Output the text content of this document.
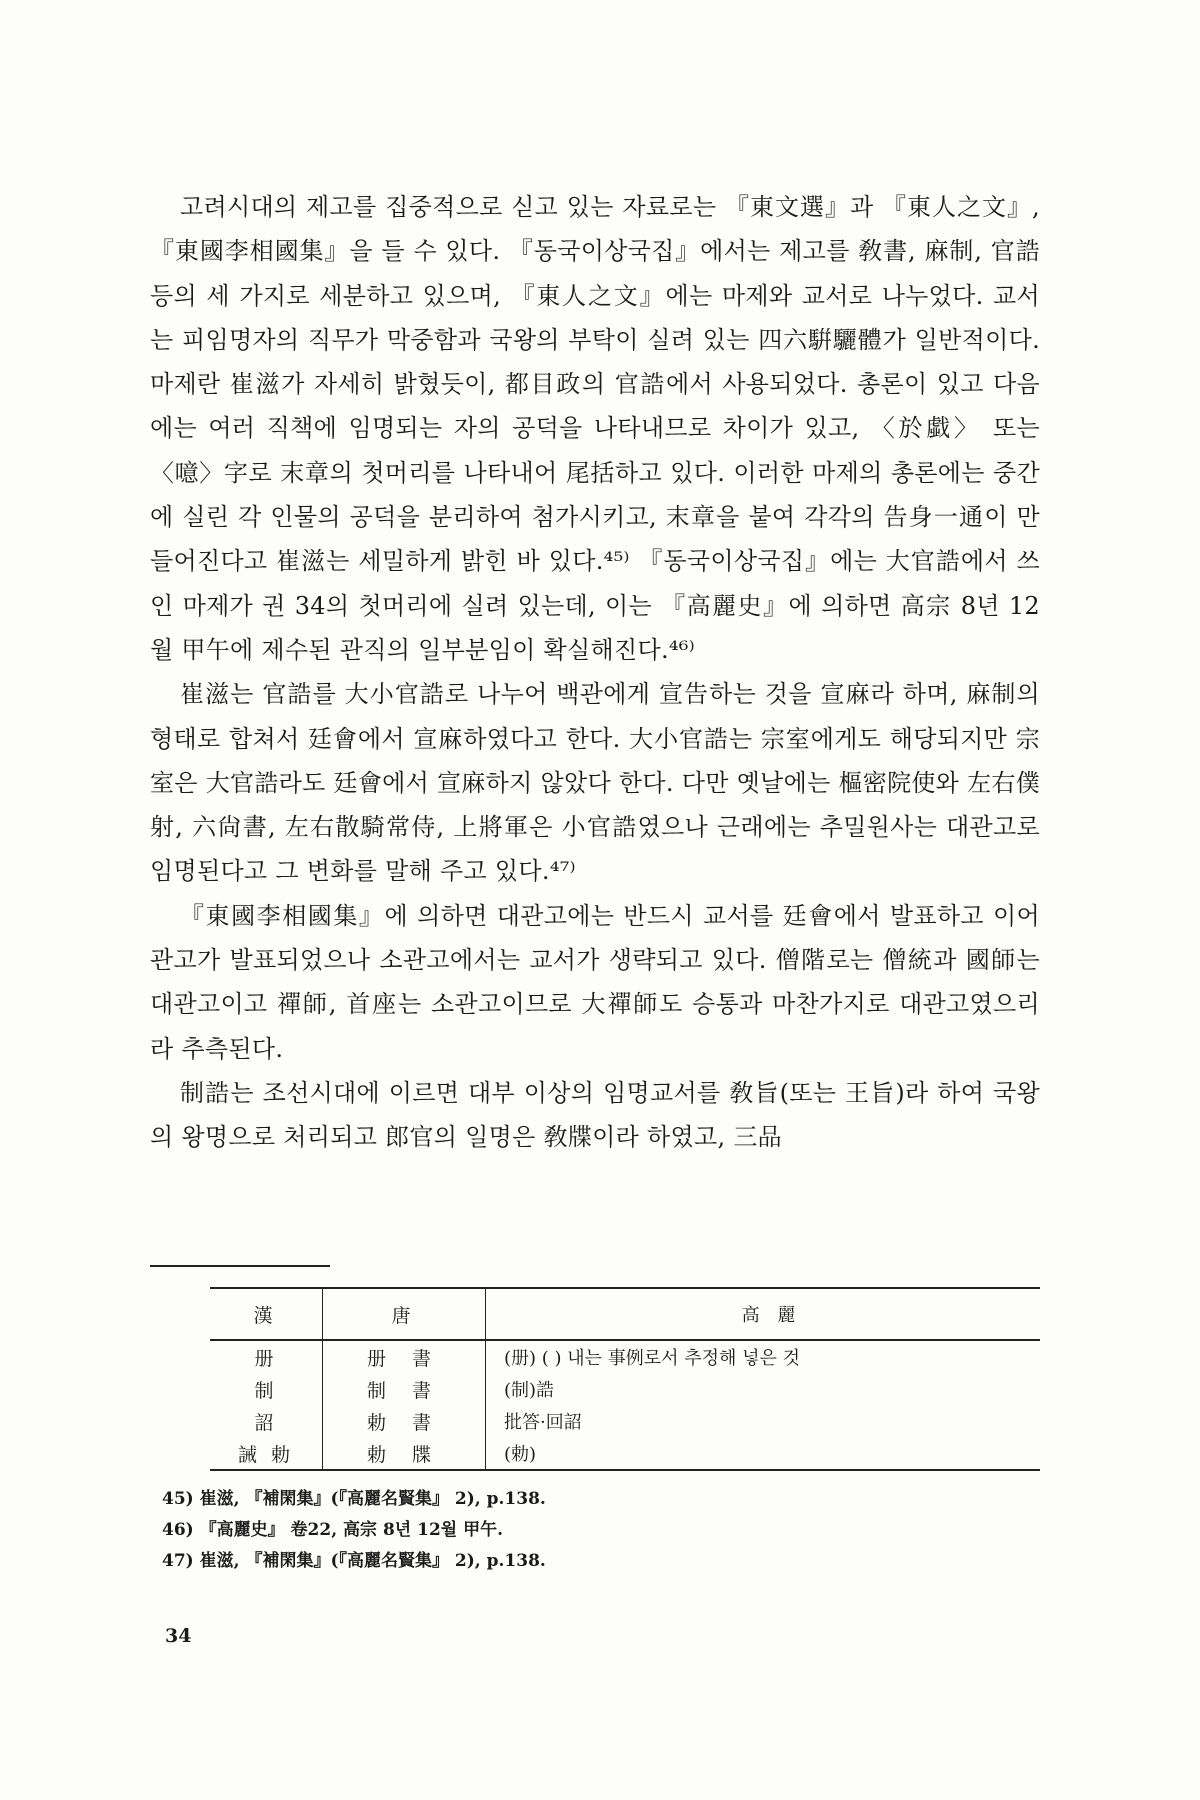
고려시대의 제고를 집중적으로 싣고 있는 자료로는 『東文選』과 『東人之文』, 『東國李相國集』을 들 수 있다. 『동국이상국집』에서는 제고를 敎書, 麻制, 官誥 등의 세 가지로 세분하고 있으며, 『東人之文』에는 마제와 교서로 나누었다. 교서는 피임명자의 직무가 막중함과 국왕의 부탁이 실려 있는 四六騈驪體가 일반적이다. 마제란 崔滋가 자세히 밝혔듯이, 都目政의 官誥에서 사용되었다. 총론이 있고 다음에는 여러 직책에 임명되는 자의 공덕을 나타내므로 차이가 있고, 〈於戱〉 또는 〈噫〉字로 末章의 첫머리를 나타내어 尾括하고 있다. 이러한 마제의 총론에는 중간에 실린 각 인물의 공덕을 분리하여 첨가시키고, 末章을 붙여 각각의 告身一通이 만들어진다고 崔滋는 세밀하게 밝힌 바 있다.⁴⁵⁾ 『동국이상국집』에는 大官誥에서 쓰인 마제가 권 34의 첫머리에 실려 있는데, 이는 『高麗史』에 의하면 高宗 8년 12월 甲午에 제수된 관직의 일부분임이 확실해진다.⁴⁶⁾

崔滋는 官誥를 大小官誥로 나누어 백관에게 宣告하는 것을 宣麻라 하며, 麻制의 형태로 합쳐서 廷會에서 宣麻하였다고 한다. 大小官誥는 宗室에게도 해당되지만 宗室은 大官誥라도 廷會에서 宣麻하지 않았다 한다. 다만 옛날에는 樞密院使와 左右僕射, 六尙書, 左右散騎常侍, 上將軍은 小官誥였으나 근래에는 추밀원사는 대관고로 임명된다고 그 변화를 말해 주고 있다.⁴⁷⁾

『東國李相國集』에 의하면 대관고에는 반드시 교서를 廷會에서 발표하고 이어 관고가 발표되었으나 소관고에서는 교서가 생략되고 있다. 僧階로는 僧統과 國師는 대관고이고 禪師, 首座는 소관고이므로 大禪師도 승통과 마찬가지로 대관고였으리라 추측된다.

制誥는 조선시대에 이르면 대부 이상의 임명교서를 敎旨(또는 王旨)라 하여 국왕의 왕명으로 처리되고 郎官의 일명은 敎牒이라 하였고, 三品

漢	唐	高 麗
册	册 書	(册) ( ) 내는 事例로서 추정해 넣은 것
制	制 書	(制)誥
詔	勅 書	批答·回詔
誡 勅	勅 牒	(勅)

45) 崔滋, 『補閑集』(『高麗名賢集』 2), p.138.

46) 『高麗史』 卷22, 高宗 8년 12월 甲午.

47) 崔滋, 『補閑集』(『高麗名賢集』 2), p.138.

34
